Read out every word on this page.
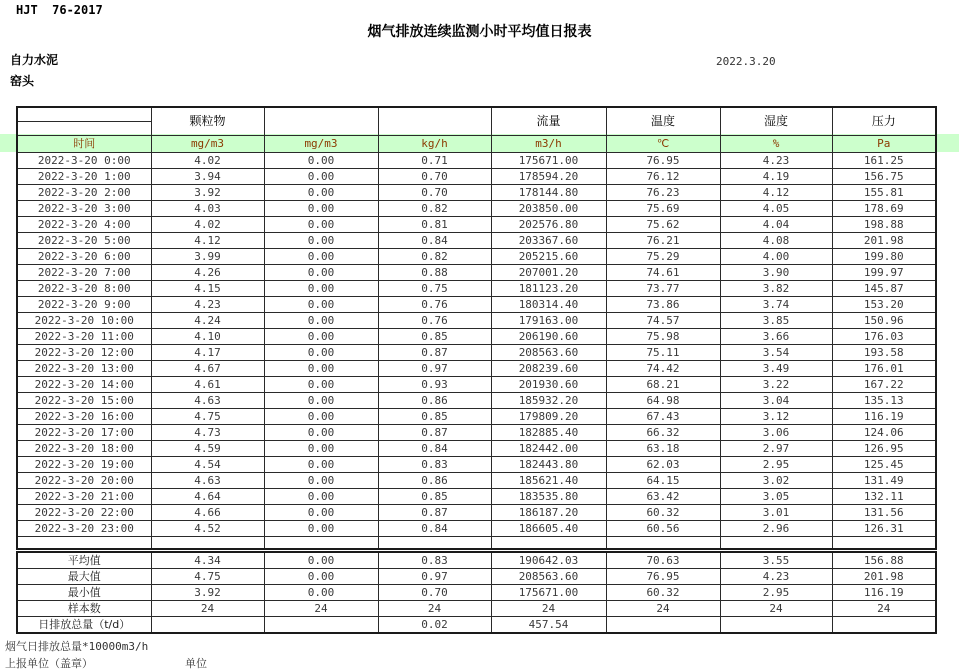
HJT  76-2017
烟气排放连续监测小时平均值日报表
自力水泥
窑头
2022.3.20
	颗粒物			流量	温度	湿度	压力

时间	mg/m3	mg/m3	kg/h	m3/h	℃	%	Pa
2022-3-20 0:00	4.02	0.00	0.71	175671.00	76.95	4.23	161.25
2022-3-20 1:00	3.94	0.00	0.70	178594.20	76.12	4.19	156.75
2022-3-20 2:00	3.92	0.00	0.70	178144.80	76.23	4.12	155.81
2022-3-20 3:00	4.03	0.00	0.82	203850.00	75.69	4.05	178.69
2022-3-20 4:00	4.02	0.00	0.81	202576.80	75.62	4.04	198.88
2022-3-20 5:00	4.12	0.00	0.84	203367.60	76.21	4.08	201.98
2022-3-20 6:00	3.99	0.00	0.82	205215.60	75.29	4.00	199.80
2022-3-20 7:00	4.26	0.00	0.88	207001.20	74.61	3.90	199.97
2022-3-20 8:00	4.15	0.00	0.75	181123.20	73.77	3.82	145.87
2022-3-20 9:00	4.23	0.00	0.76	180314.40	73.86	3.74	153.20
2022-3-20 10:00	4.24	0.00	0.76	179163.00	74.57	3.85	150.96
2022-3-20 11:00	4.10	0.00	0.85	206190.60	75.98	3.66	176.03
2022-3-20 12:00	4.17	0.00	0.87	208563.60	75.11	3.54	193.58
2022-3-20 13:00	4.67	0.00	0.97	208239.60	74.42	3.49	176.01
2022-3-20 14:00	4.61	0.00	0.93	201930.60	68.21	3.22	167.22
2022-3-20 15:00	4.63	0.00	0.86	185932.20	64.98	3.04	135.13
2022-3-20 16:00	4.75	0.00	0.85	179809.20	67.43	3.12	116.19
2022-3-20 17:00	4.73	0.00	0.87	182885.40	66.32	3.06	124.06
2022-3-20 18:00	4.59	0.00	0.84	182442.00	63.18	2.97	126.95
2022-3-20 19:00	4.54	0.00	0.83	182443.80	62.03	2.95	125.45
2022-3-20 20:00	4.63	0.00	0.86	185621.40	64.15	3.02	131.49
2022-3-20 21:00	4.64	0.00	0.85	183535.80	63.42	3.05	132.11
2022-3-20 22:00	4.66	0.00	0.87	186187.20	60.32	3.01	131.56
2022-3-20 23:00	4.52	0.00	0.84	186605.40	60.56	2.96	126.31

平均值	4.34	0.00	0.83	190642.03	70.63	3.55	156.88
最大值	4.75	0.00	0.97	208563.60	76.95	4.23	201.98
最小值	3.92	0.00	0.70	175671.00	60.32	2.95	116.19
样本数	24	24	24	24	24	24	24
日排放总量（t/d）			0.02	457.54			
烟气日排放总量*10000m3/h
上报单位（盖章）	单位
